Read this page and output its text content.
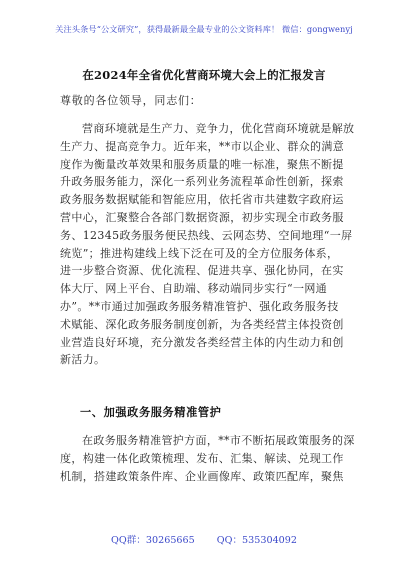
关注头条号“公文研究”，获得最新最全最专业的公文资料库！ 微信：gongwenyj
在2024年全省优化营商环境大会上的汇报发言
尊敬的各位领导，同志们：
营商环境就是生产力、竞争力，优化营商环境就是解放
生产力、提高竞争力。近年来，**市以企业、群众的满意
度作为衡量改革效果和服务质量的唯一标准，聚焦不断提
升政务服务能力，深化一系列业务流程革命性创新，探索
政务服务数据赋能和智能应用，依托省市共建数字政府运
营中心，汇聚整合各部门数据资源，初步实现全市政务服
务、12345政务服务便民热线、云网态势、空间地理“一屏
统览”；推进构建线上线下泛在可及的全方位服务体系，
进一步整合资源、优化流程、促进共享、强化协同，在实
体大厅、网上平台、自助端、移动端同步实行“一网通
办”。**市通过加强政务服务精准管护、强化政务服务技
术赋能、深化政务服务制度创新，为各类经营主体投资创
业营造良好环境，充分激发各类经营主体的内生动力和创
新活力。
一、加强政务服务精准管护
在政务服务精准管护方面，**市不断拓展政策服务的深
度，构建一体化政策梳理、发布、汇集、解读、兑现工作
机制，搭建政策条件库、企业画像库、政策匹配库，聚焦
QQ群：30265665 QQ：535304092
